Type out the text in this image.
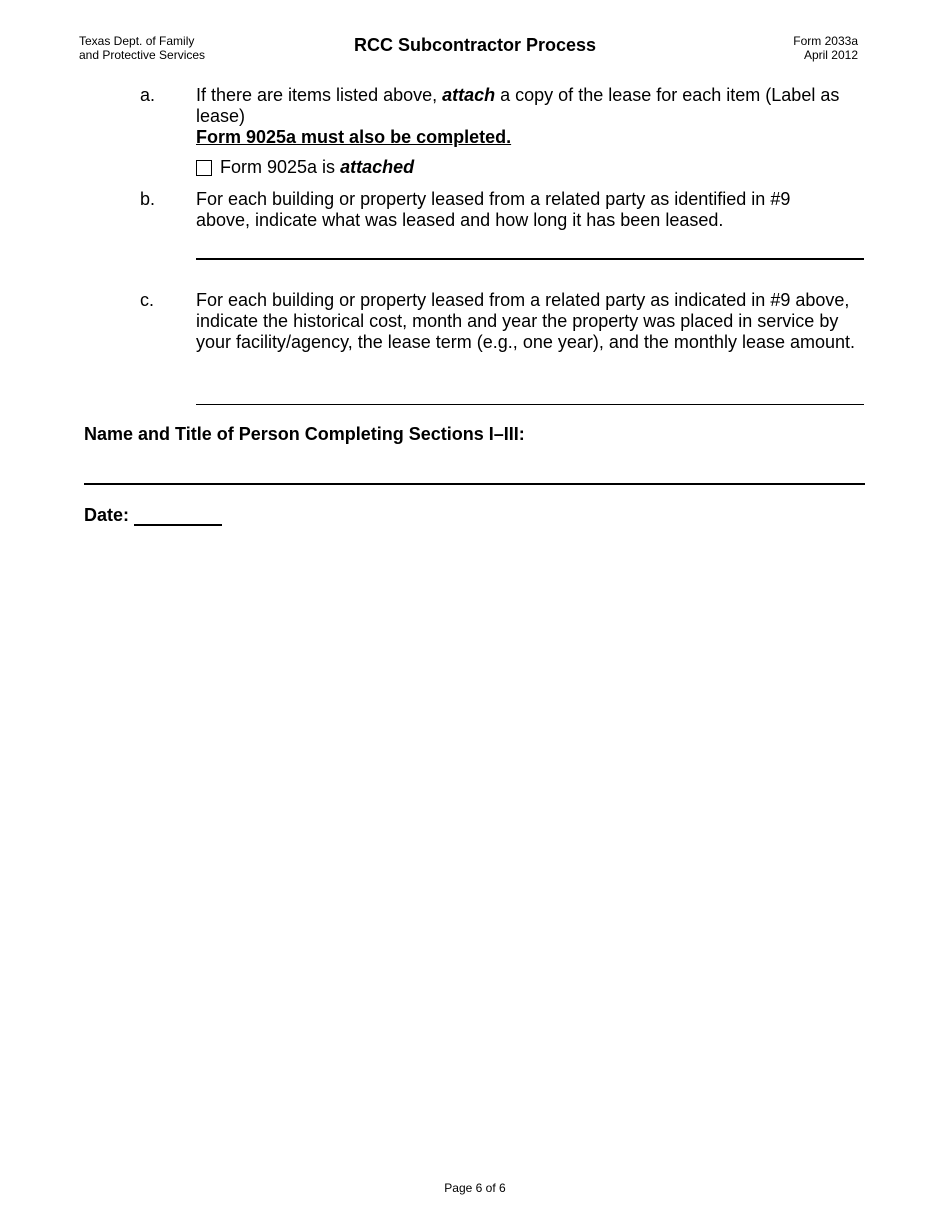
Texas Dept. of Family
and Protective Services	RCC Subcontractor Process	Form 2033a
April 2012
a. If there are items listed above, attach a copy of the lease for each item (Label as lease)
Form 9025a must also be completed.
Form 9025a is
attached
b. For each building or property leased from a related party as identified in #9 above, indicate what was leased and how long it has been leased.
c. For each building or property leased from a related party as indicated in #9 above, indicate the historical cost, month and year the property was placed in service by your facility/agency, the lease term (e.g., one year), and the monthly lease amount.
Name and Title of Person Completing Sections I–III:
Date:
Page 6 of 6
